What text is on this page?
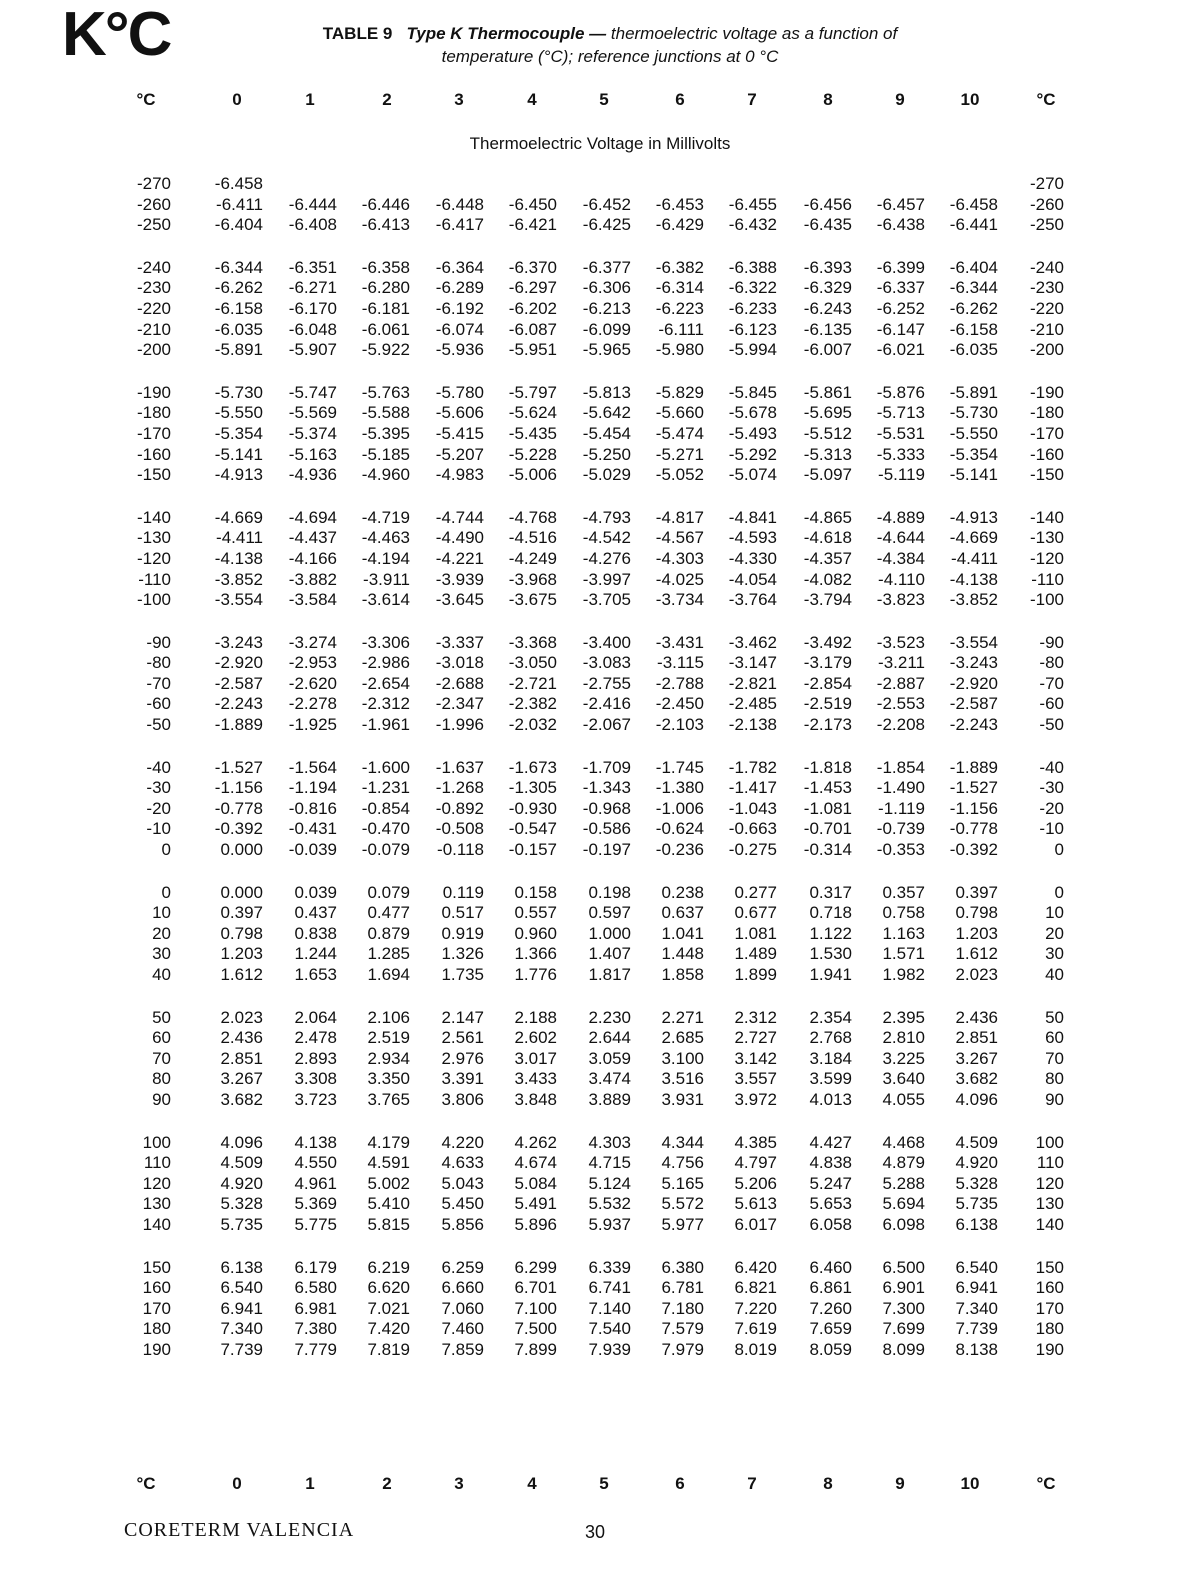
K°C	TABLE 9 Type K Thermocouple — thermoelectric voltage as a function of
temperature (°C); reference junctions at 0 °C
°C	0	1	2	3	4	5	6	7	8	9	10	°C
Thermoelectric Voltage in Millivolts
-270	-6.458	-270
-260	-6.411 -6.444 -6.446 -6.448 -6.450 -6.452 -6.453 -6.455 -6.456 -6.457 -6.458 -260
-250	-6.404 -6.408 -6.413 -6.417 -6.421 -6.425 -6.429 -6.432 -6.435 -6.438 -6.441 -250
-240	-6.344 -6.351 -6.358 -6.364 -6.370 -6.377 -6.382 -6.388 -6.393 -6.399 -6.404 -240
-230	-6.262 -6.271 -6.280 -6.289 -6.297 -6.306 -6.314 -6.322 -6.329 -6.337 -6.344 -230
-220	-6.158 -6.170 -6.181 -6.192 -6.202 -6.213 -6.223 -6.233 -6.243 -6.252 -6.262 -220
-210	-6.035 -6.048 -6.061 -6.074 -6.087 -6.099 -6.111 -6.123 -6.135 -6.147 -6.158 -210
-200	-5.891 -5.907 -5.922 -5.936 -5.951 -5.965 -5.980 -5.994 -6.007 -6.021 -6.035 -200
-190	-5.730 -5.747 -5.763 -5.780 -5.797 -5.813 -5.829 -5.845 -5.861 -5.876 -5.891 -190
-180	-5.550 -5.569 -5.588 -5.606 -5.624 -5.642 -5.660 -5.678 -5.695 -5.713 -5.730 -180
-170	-5.354 -5.374 -5.395 -5.415 -5.435 -5.454 -5.474 -5.493 -5.512 -5.531 -5.550 -170
-160	-5.141 -5.163 -5.185 -5.207 -5.228 -5.250 -5.271 -5.292 -5.313 -5.333 -5.354 -160
-150	-4.913 -4.936 -4.960 -4.983 -5.006 -5.029 -5.052 -5.074 -5.097 -5.119 -5.141 -150
-140	-4.669 -4.694 -4.719 -4.744 -4.768 -4.793 -4.817 -4.841 -4.865 -4.889 -4.913 -140
-130	-4.411 -4.437 -4.463 -4.490 -4.516 -4.542 -4.567 -4.593 -4.618 -4.644 -4.669 -130
-120	-4.138 -4.166 -4.194 -4.221 -4.249 -4.276 -4.303 -4.330 -4.357 -4.384 -4.411 -120
-110	-3.852 -3.882 -3.911 -3.939 -3.968 -3.997 -4.025 -4.054 -4.082 -4.110 -4.138 -110
-100	-3.554 -3.584 -3.614 -3.645 -3.675 -3.705 -3.734 -3.764 -3.794 -3.823 -3.852 -100
-90	-3.243 -3.274 -3.306 -3.337 -3.368 -3.400 -3.431 -3.462 -3.492 -3.523 -3.554 -90
-80	-2.920 -2.953 -2.986 -3.018 -3.050 -3.083 -3.115 -3.147 -3.179 -3.211 -3.243 -80
-70	-2.587 -2.620 -2.654 -2.688 -2.721 -2.755 -2.788 -2.821 -2.854 -2.887 -2.920 -70
-60	-2.243 -2.278 -2.312 -2.347 -2.382 -2.416 -2.450 -2.485 -2.519 -2.553 -2.587 -60
-50	-1.889 -1.925 -1.961 -1.996 -2.032 -2.067 -2.103 -2.138 -2.173 -2.208 -2.243 -50
-40	-1.527 -1.564 -1.600 -1.637 -1.673 -1.709 -1.745 -1.782 -1.818 -1.854 -1.889 -40
-30	-1.156 -1.194 -1.231 -1.268 -1.305 -1.343 -1.380 -1.417 -1.453 -1.490 -1.527 -30
-20	-0.778 -0.816 -0.854 -0.892 -0.930 -0.968 -1.006 -1.043 -1.081 -1.119 -1.156 -20
-10	-0.392 -0.431 -0.470 -0.508 -0.547 -0.586 -0.624 -0.663 -0.701 -0.739 -0.778 -10
0	0.000 -0.039 -0.079 -0.118 -0.157 -0.197 -0.236 -0.275 -0.314 -0.353 -0.392	0
0	0.000 0.039 0.079 0.119 0.158 0.198 0.238 0.277 0.317 0.357 0.397	0
10	0.397 0.437 0.477 0.517 0.557 0.597 0.637 0.677 0.718 0.758 0.798	10
20	0.798 0.838 0.879 0.919 0.960 1.000 1.041 1.081 1.122 1.163 1.203	20
30	1.203 1.244 1.285 1.326 1.366 1.407 1.448 1.489 1.530 1.571 1.612	30
40	1.612 1.653 1.694 1.735 1.776 1.817 1.858 1.899 1.941 1.982 2.023	40
50	2.023 2.064 2.106 2.147 2.188 2.230 2.271 2.312 2.354 2.395 2.436	50
60	2.436 2.478 2.519 2.561 2.602 2.644 2.685 2.727 2.768 2.810 2.851	60
70	2.851 2.893 2.934 2.976 3.017 3.059 3.100 3.142 3.184 3.225 3.267	70
80	3.267 3.308 3.350 3.391 3.433 3.474 3.516 3.557 3.599 3.640 3.682	80
90	3.682 3.723 3.765 3.806 3.848 3.889 3.931 3.972 4.013 4.055 4.096	90
100	4.096 4.138 4.179 4.220 4.262 4.303 4.344 4.385 4.427 4.468 4.509 100
110	4.509 4.550 4.591 4.633 4.674 4.715 4.756 4.797 4.838 4.879 4.920 110
120	4.920 4.961 5.002 5.043 5.084 5.124 5.165 5.206 5.247 5.288 5.328 120
130	5.328 5.369 5.410 5.450 5.491 5.532 5.572 5.613 5.653 5.694 5.735 130
140	5.735 5.775 5.815 5.856 5.896 5.937 5.977 6.017 6.058 6.098 6.138 140
150	6.138 6.179 6.219 6.259 6.299 6.339 6.380 6.420 6.460 6.500 6.540 150
160	6.540 6.580 6.620 6.660 6.701 6.741 6.781 6.821 6.861 6.901 6.941 160
170	6.941 6.981 7.021 7.060 7.100 7.140 7.180 7.220 7.260 7.300 7.340 170
180	7.340 7.380 7.420 7.460 7.500 7.540 7.579 7.619 7.659 7.699 7.739 180
190	7.739 7.779 7.819 7.859 7.899 7.939 7.979 8.019 8.059 8.099 8.138 190
°C	0	1	2	3	4	5	6	7	8	9	10	°C
CORETERM VALENCIA	30
